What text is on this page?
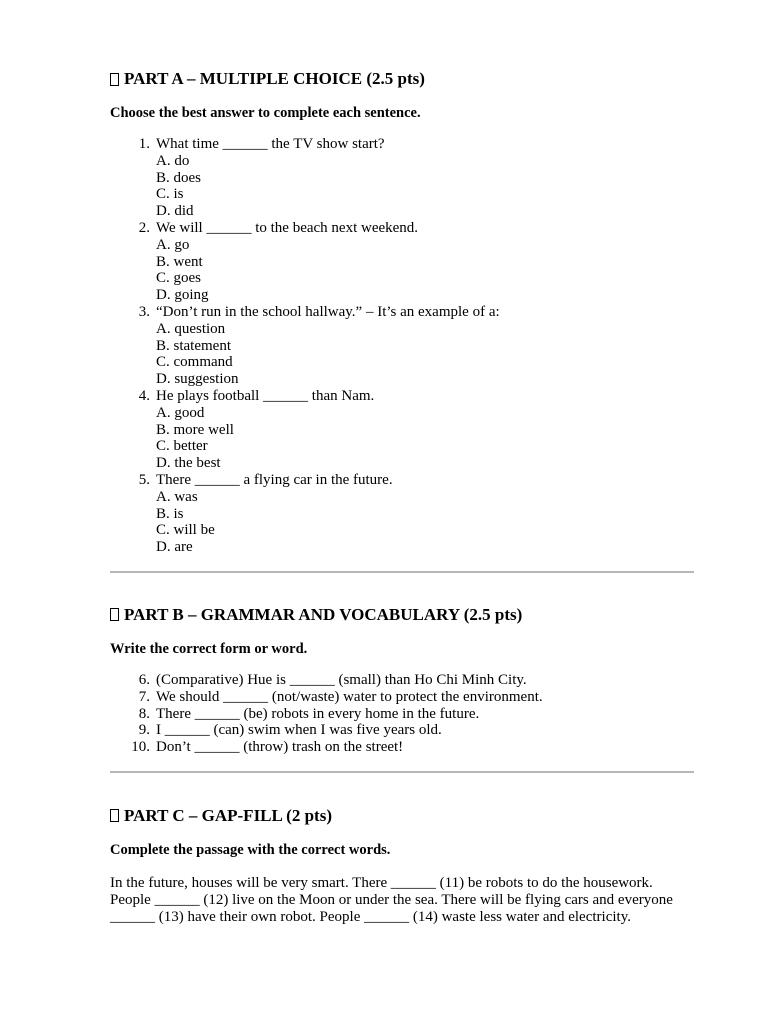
PART A – MULTIPLE CHOICE (2.5 pts)

Choose the best answer to complete each sentence.

1. What time ______ the TV show start?
A. do
B. does
C. is
D. did
2. We will ______ to the beach next weekend.
A. go
B. went
C. goes
D. going
3. “Don’t run in the school hallway.” – It’s an example of a:
A. question
B. statement
C. command
D. suggestion
4. He plays football ______ than Nam.
A. good
B. more well
C. better
D. the best
5. There ______ a flying car in the future.
A. was
B. is
C. will be
D. are
PART B – GRAMMAR AND VOCABULARY (2.5 pts)

Write the correct form or word.

6. (Comparative) Hue is ______ (small) than Ho Chi Minh City.
7. We should ______ (not/waste) water to protect the environment.
8. There ______ (be) robots in every home in the future.
9. I ______ (can) swim when I was five years old.
10. Don’t ______ (throw) trash on the street!
PART C – GAP-FILL (2 pts)

Complete the passage with the correct words.

In the future, houses will be very smart. There ______ (11) be robots to do the housework. People ______ (12) live on the Moon or under the sea. There will be flying cars and everyone ______ (13) have their own robot. People ______ (14) waste less water and electricity.
